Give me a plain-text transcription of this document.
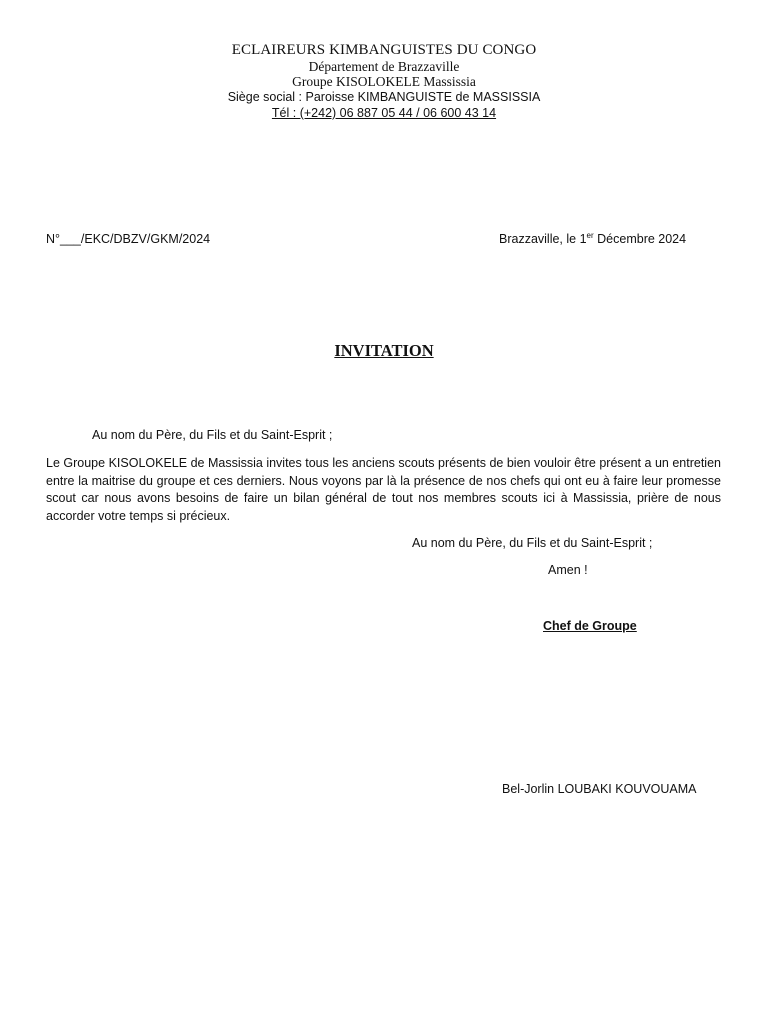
ECLAIREURS KIMBANGUISTES DU CONGO
Département de Brazzaville
Groupe KISOLOKELE Massissia
Siège social : Paroisse KIMBANGUISTE de MASSISSIA
Tél : (+242) 06 887 05 44 / 06 600 43 14
N°___/EKC/DBZV/GKM/2024	Brazzaville, le 1er Décembre 2024
INVITATION
Au nom du Père, du Fils et du Saint-Esprit ;
Le Groupe KISOLOKELE de Massissia invites tous les anciens scouts présents de bien vouloir être présent a un entretien entre la maitrise du groupe et ces derniers. Nous voyons par là la présence de nos chefs qui ont eu à faire leur promesse scout car nous avons besoins de faire un bilan général de tout nos membres scouts ici à Massissia, prière de nous accorder votre temps si précieux.
Au nom du Père, du Fils et du Saint-Esprit ;
Amen !
Chef de Groupe
Bel-Jorlin LOUBAKI KOUVOUAMA
